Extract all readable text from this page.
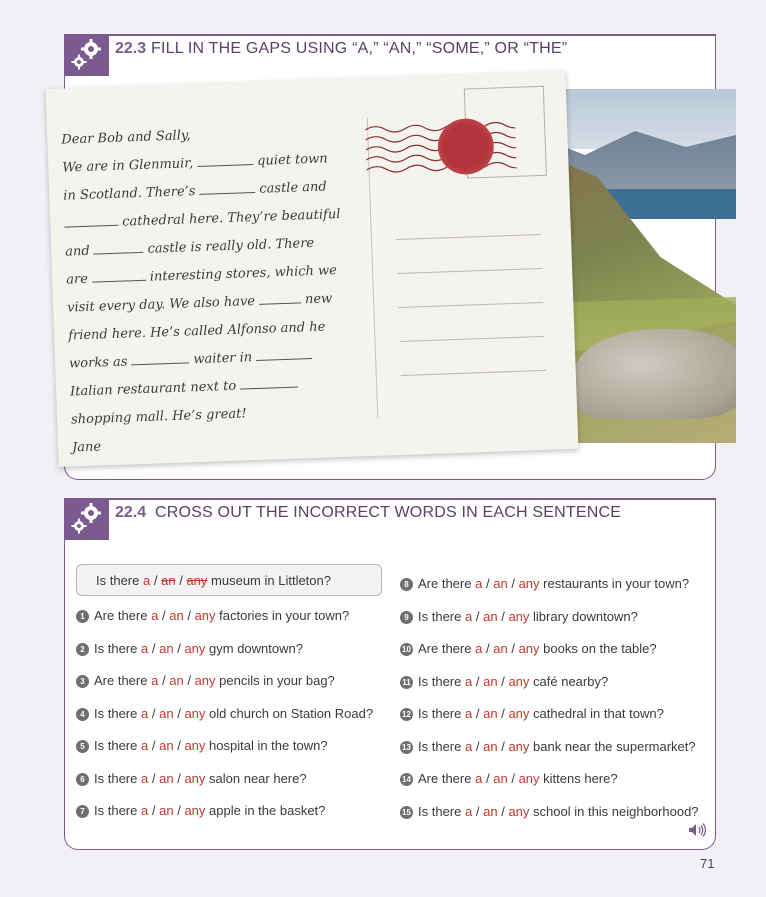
22.3 FILL IN THE GAPS USING “A,” “AN,” “SOME,” OR “THE”
Dear Bob and Sally,
We are in Glenmuir,	quiet town
in Scotland. There’s	castle and
cathedral here. They’re beautiful
and	castle is really old. There
are	interesting stores, which we
visit every day. We also have	new
friend here. He’s called Alfonso and he
works as	waiter in
Italian restaurant next to
shopping mall. He’s great!
Jane
22.4 CROSS OUT THE INCORRECT WORDS IN EACH SENTENCE
Is there a / an / any museum in Littleton?
1 Are there a / an / any factories in your town?
2 Is there a / an / any gym downtown?
3 Are there a / an / any pencils in your bag?
4 Is there a / an / any old church on Station Road?
5 Is there a / an / any hospital in the town?
6 Is there a / an / any salon near here?
7 Is there a / an / any apple in the basket?
8 Are there a / an / any restaurants in your town?
9 Is there a / an / any library downtown?
10 Are there a / an / any books on the table?
11 Is there a / an / any café nearby?
12 Is there a / an / any cathedral in that town?
13 Is there a / an / any bank near the supermarket?
14 Are there a / an / any kittens here?
15 Is there a / an / any school in this neighborhood?
71
